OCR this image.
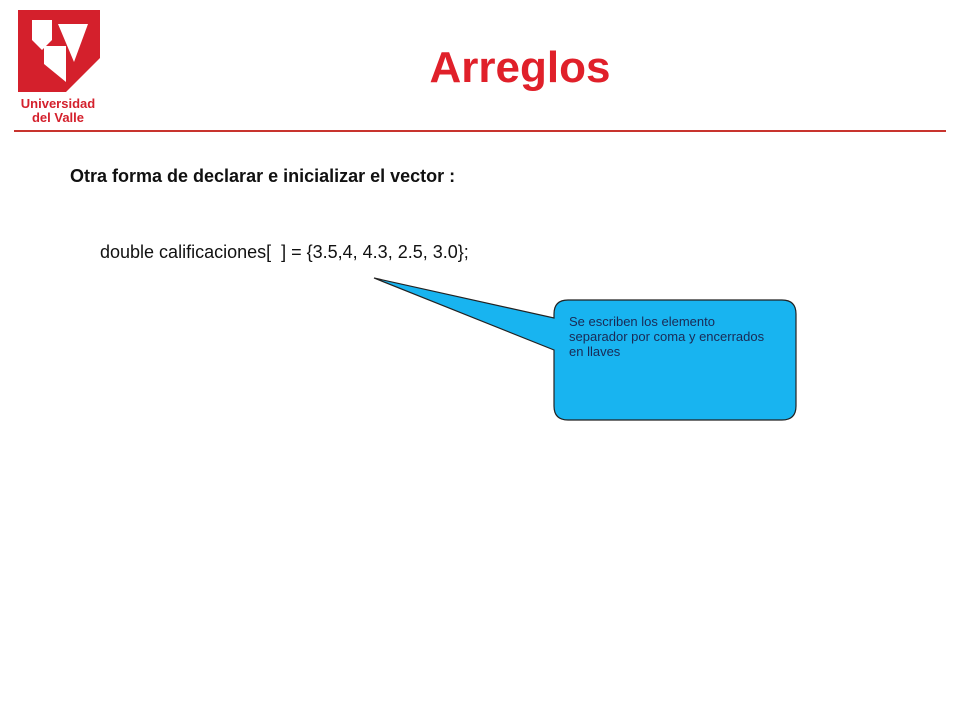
Universidad
del Valle
Arreglos
Otra forma de declarar e inicializar el vector :
double calificaciones[  ] = {3.5,4, 4.3, 2.5, 3.0};
Se escriben los elemento separador por coma y encerrados en llaves
